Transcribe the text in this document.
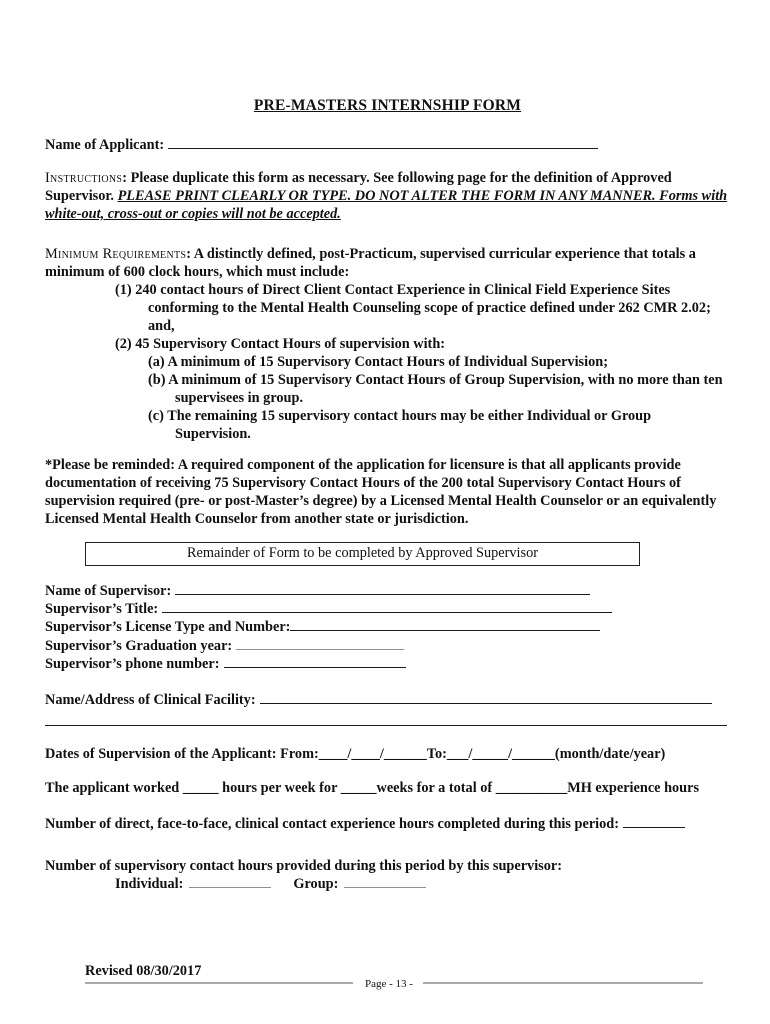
PRE-MASTERS INTERNSHIP FORM
Name of Applicant:

Instructions: Please duplicate this form as necessary. See following page for the definition of Approved Supervisor. PLEASE PRINT CLEARLY OR TYPE. DO NOT ALTER THE FORM IN ANY MANNER. Forms with white-out, cross-out or copies will not be accepted.

Minimum Requirements: A distinctly defined, post-Practicum, supervised curricular experience that totals a minimum of 600 clock hours, which must include:

(1) 240 contact hours of Direct Client Contact Experience in Clinical Field Experience Sites conforming to the Mental Health Counseling scope of practice defined under 262 CMR 2.02; and,
(2) 45 Supervisory Contact Hours of supervision with:
(a) A minimum of 15 Supervisory Contact Hours of Individual Supervision;
(b) A minimum of 15 Supervisory Contact Hours of Group Supervision, with no more than ten supervisees in group.
(c) The remaining 15 supervisory contact hours may be either Individual or Group Supervision.

*Please be reminded: A required component of the application for licensure is that all applicants provide documentation of receiving 75 Supervisory Contact Hours of the 200 total Supervisory Contact Hours of supervision required (pre- or post-Master’s degree) by a Licensed Mental Health Counselor or an equivalently Licensed Mental Health Counselor from another state or jurisdiction.

Remainder of Form to be completed by Approved Supervisor
Name of Supervisor:
Supervisor’s Title:
Supervisor’s License Type and Number:
Supervisor’s Graduation year:
Supervisor’s phone number:
Name/Address of Clinical Facility:

Dates of Supervision of the Applicant: From:____/____/______To:___/_____/______(month/date/year)

The applicant worked _____ hours per week for _____weeks for a total of __________MH experience hours

Number of direct, face-to-face, clinical contact experience hours completed during this period:

Number of supervisory contact hours provided during this period by this supervisor:
Individual:	Group:
Revised 08/30/2017
Page - 13 -
